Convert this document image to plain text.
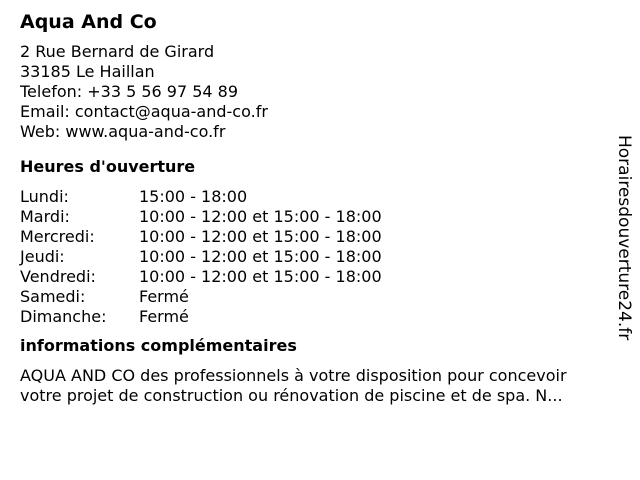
Aqua And Co
2 Rue Bernard de Girard
33185 Le Haillan
Telefon: +33 5 56 97 54 89
Email: contact@aqua-and-co.fr
Web: www.aqua-and-co.fr
Heures d'ouverture
Lundi:	15:00 - 18:00
Mardi:	10:00 - 12:00 et 15:00 - 18:00
Mercredi:	10:00 - 12:00 et 15:00 - 18:00
Jeudi:	10:00 - 12:00 et 15:00 - 18:00
Vendredi:	10:00 - 12:00 et 15:00 - 18:00
Samedi:	Fermé
Dimanche:	Fermé
informations complémentaires
AQUA AND CO des professionnels à votre disposition pour concevoir
votre projet de construction ou rénovation de piscine et de spa. N...
Horairesdouverture24.fr
